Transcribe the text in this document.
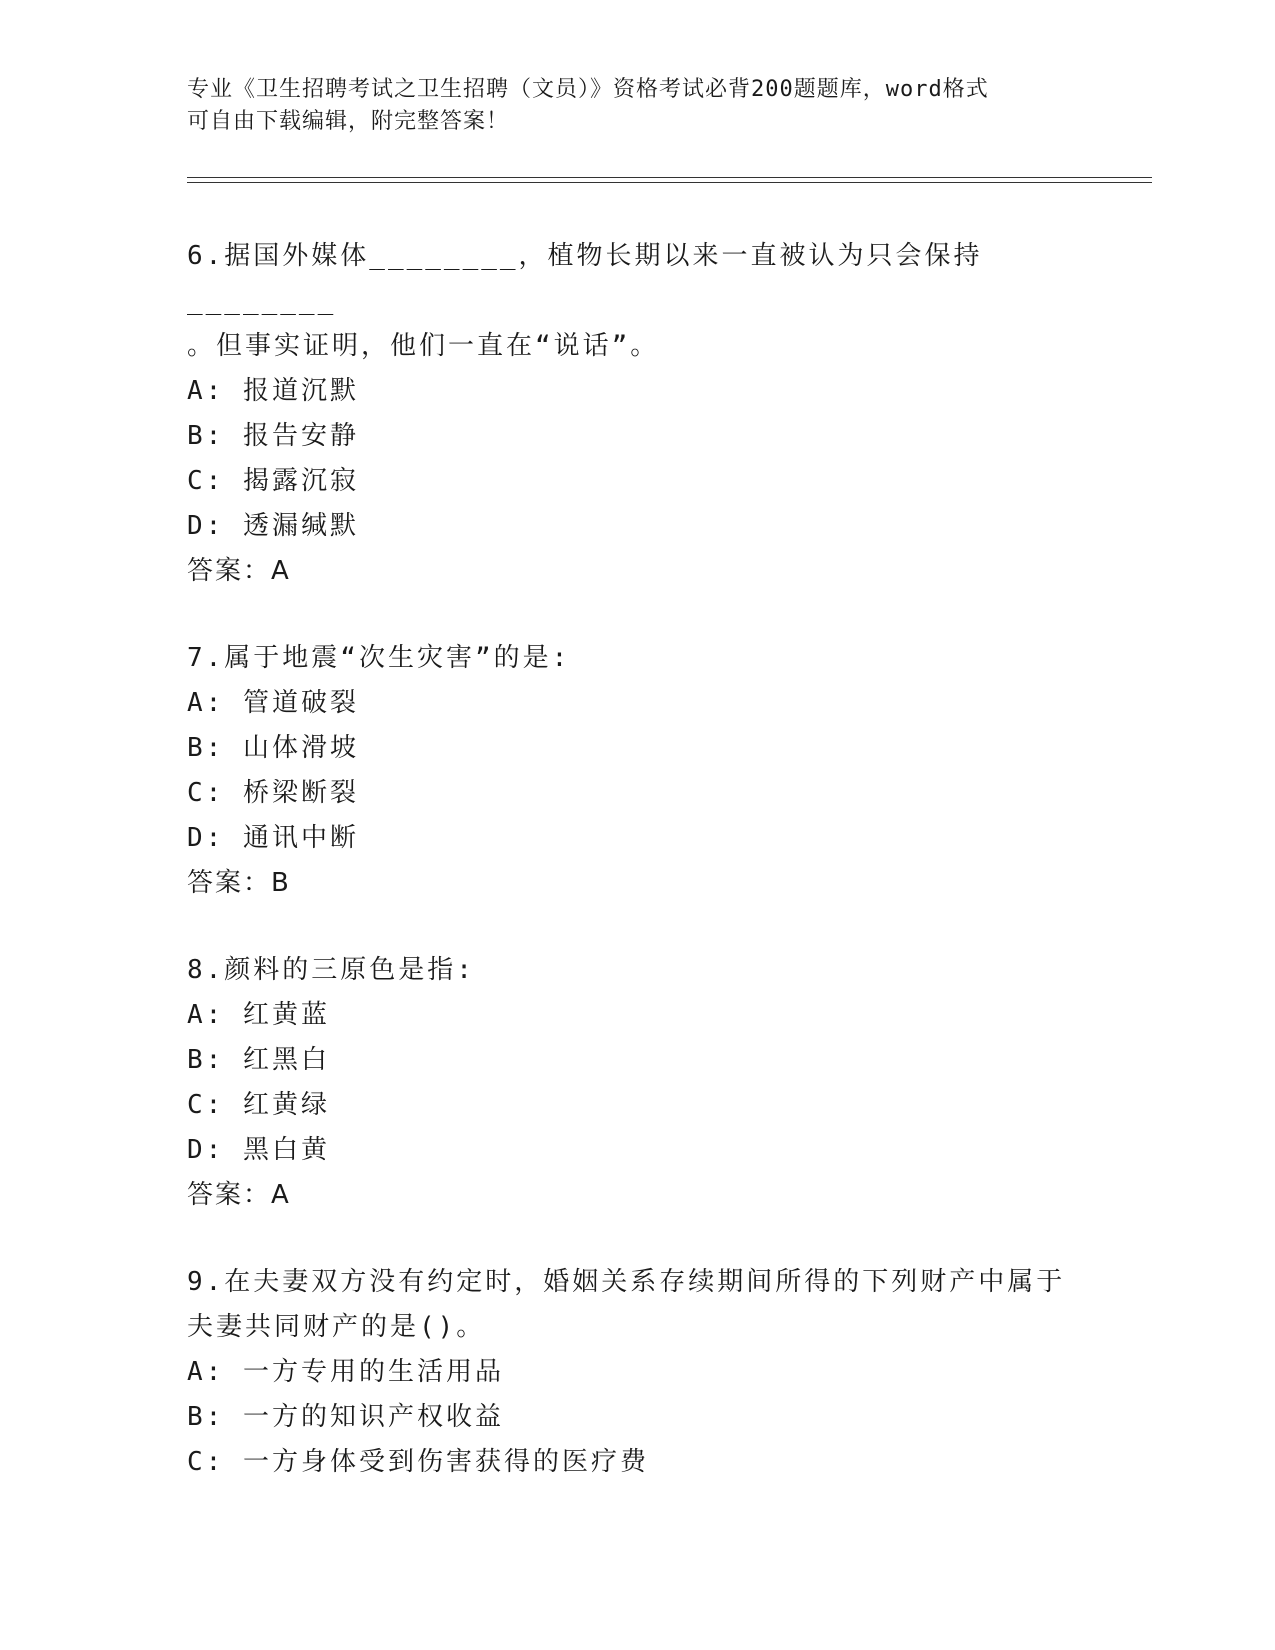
专业《卫生招聘考试之卫生招聘（文员）》资格考试必背200题题库，word格式
可自由下载编辑，附完整答案！

6.据国外媒体________，植物长期以来一直被认为只会保持________

。但事实证明，他们一直在“说话”。

A: 报道沉默

B: 报告安静

C: 揭露沉寂

D: 透漏缄默

答案：A

7.属于地震“次生灾害”的是:

A: 管道破裂

B: 山体滑坡

C: 桥梁断裂

D: 通讯中断

答案：B

8.颜料的三原色是指:

A: 红黄蓝

B: 红黑白

C: 红黄绿

D: 黑白黄

答案：A

9.在夫妻双方没有约定时，婚姻关系存续期间所得的下列财产中属于

夫妻共同财产的是()。

A: 一方专用的生活用品

B: 一方的知识产权收益

C: 一方身体受到伤害获得的医疗费
